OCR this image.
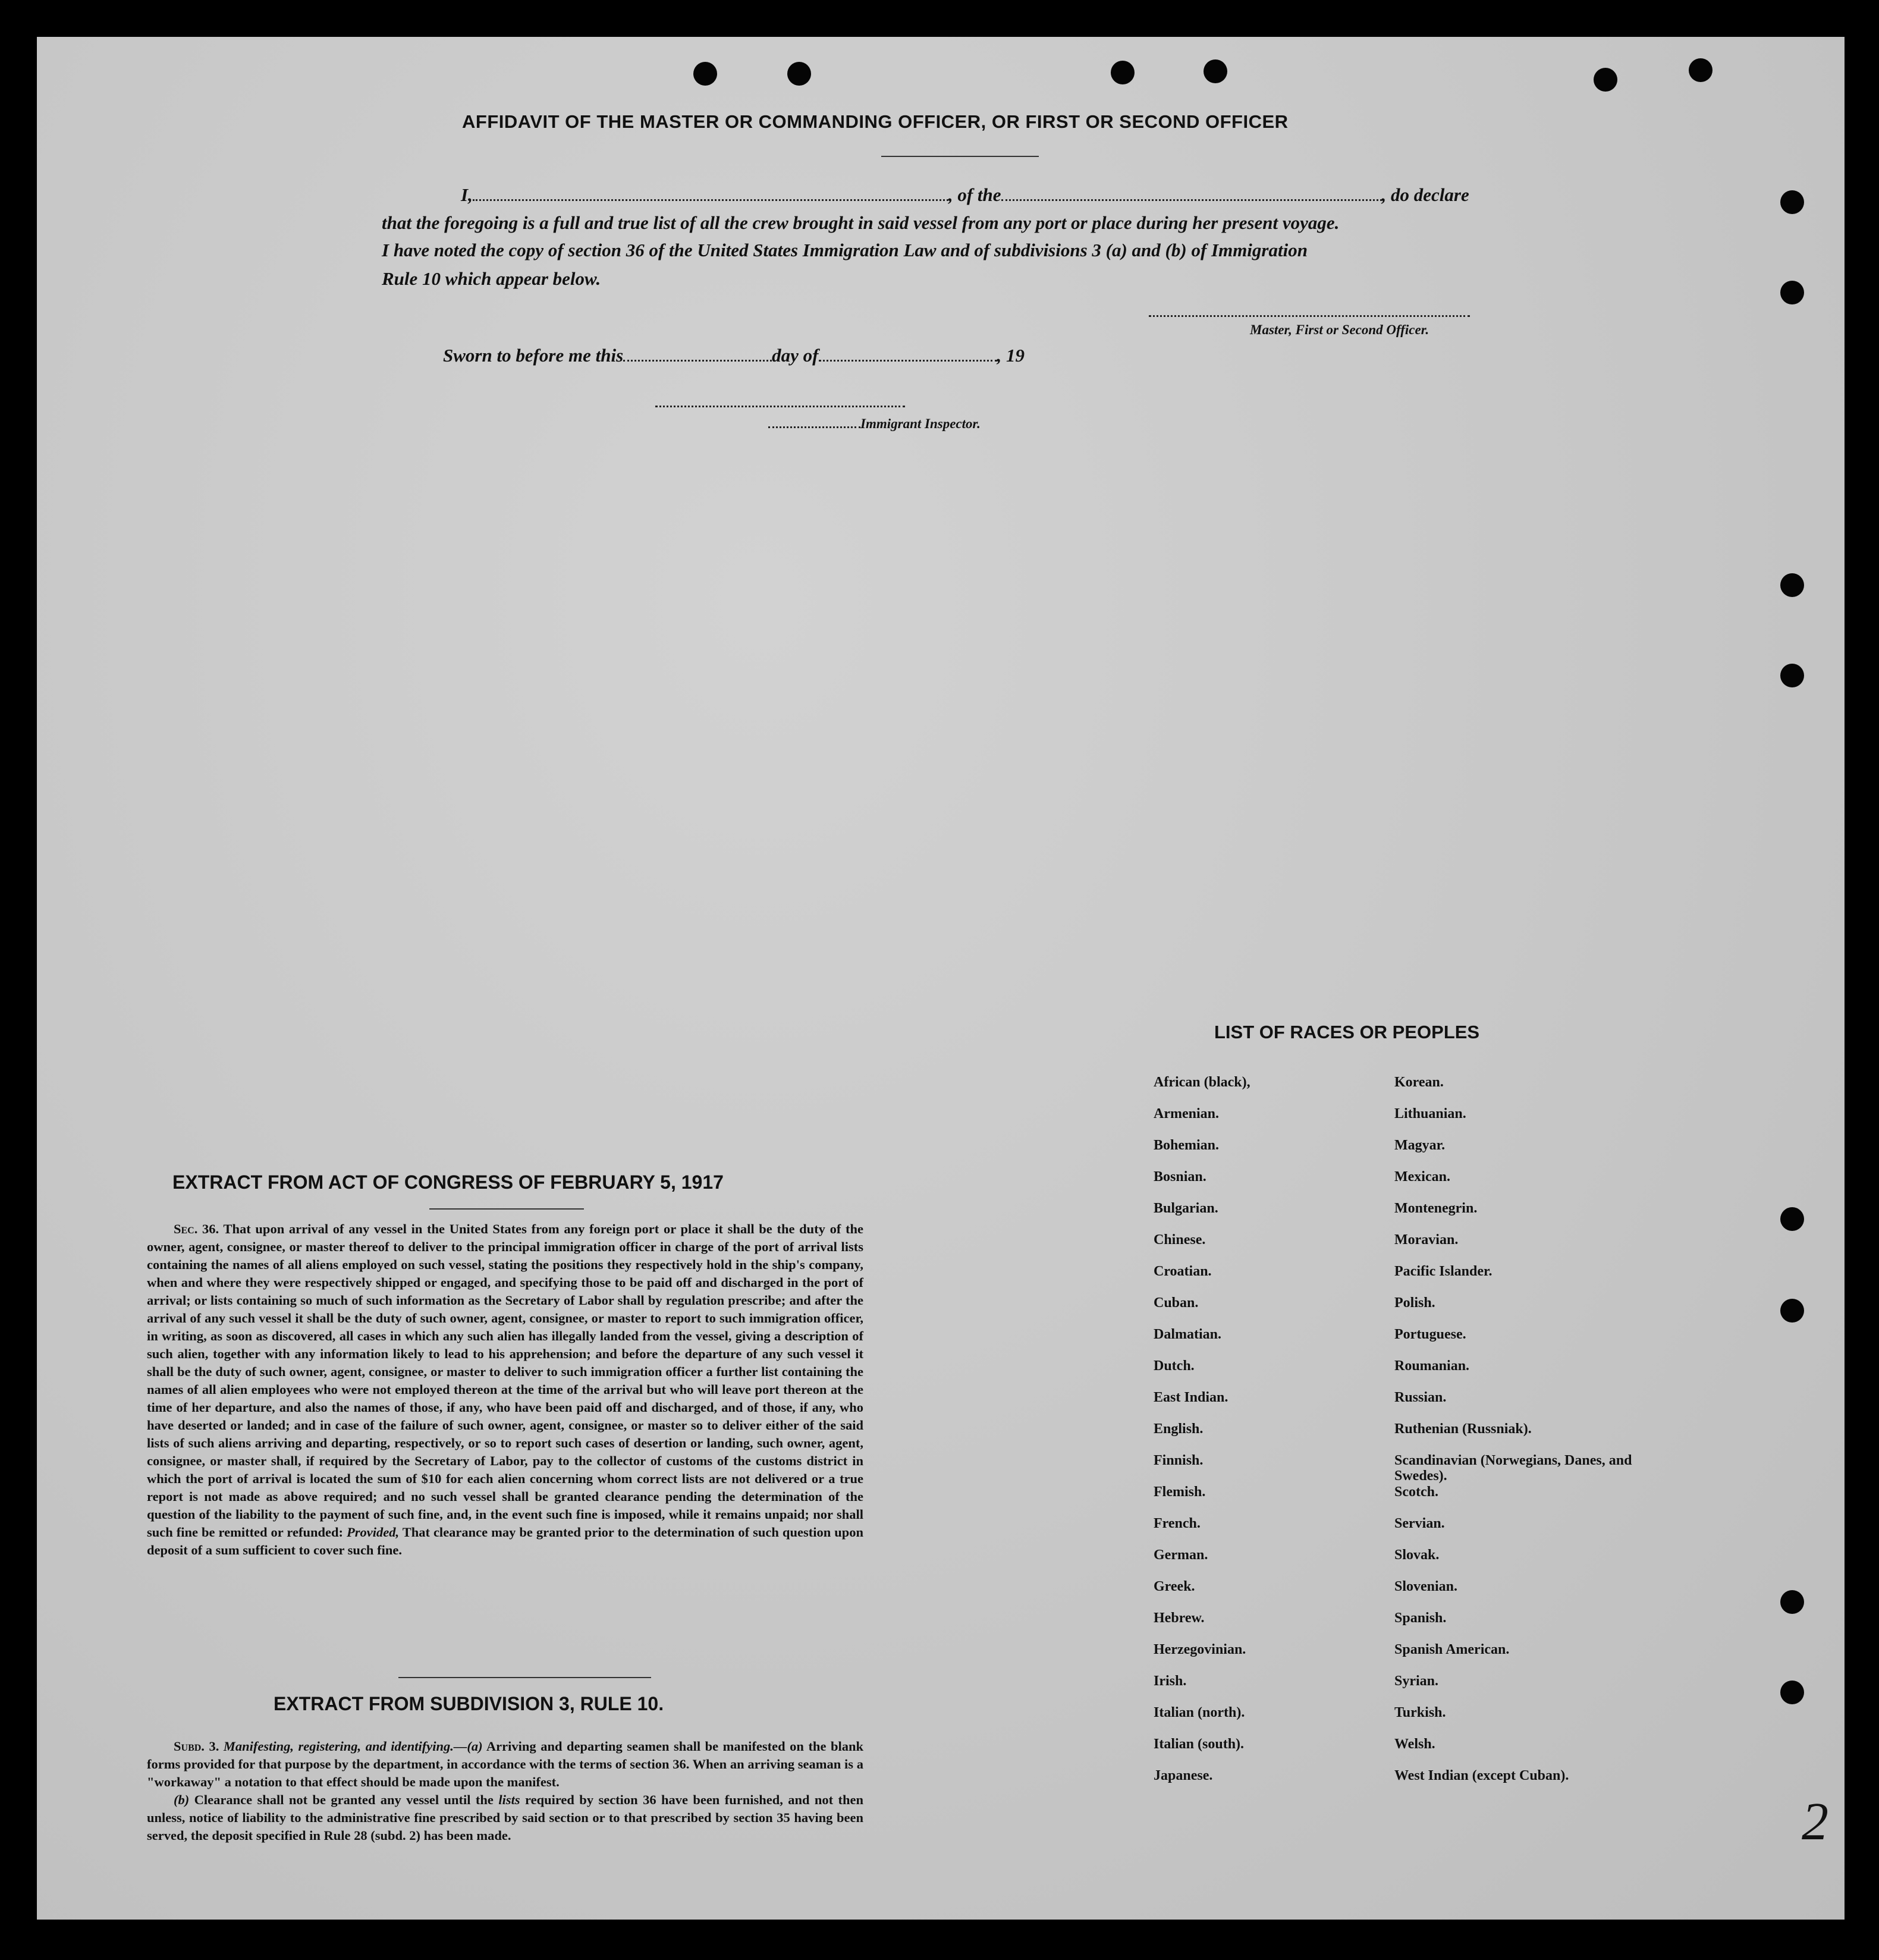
AFFIDAVIT OF THE MASTER OR COMMANDING OFFICER, OR FIRST OR SECOND OFFICER
I,	, of the	, do declare
that the foregoing is a full and true list of all the crew brought in said vessel from any port or place during her present voyage.
I have noted the copy of section 36 of the United States Immigration Law and of subdivisions 3 (a) and (b) of Immigration
Rule 10 which appear below.
Master, First or Second Officer.
Sworn to before me this	day of	, 19
Immigrant Inspector.
LIST OF RACES OR PEOPLES
African (black),	Korean.
Armenian.	Lithuanian.
Bohemian.	Magyar.
Bosnian.	Mexican.
Bulgarian.	Montenegrin.
Chinese.	Moravian.
Croatian.	Pacific Islander.
Cuban.	Polish.
Dalmatian.	Portuguese.
Dutch.	Roumanian.
East Indian.	Russian.
English.	Ruthenian (Russniak).
Finnish.	Scandinavian (Norwegians, Danes, and Swedes).
Flemish.	Scotch.
French.	Servian.
German.	Slovak.
Greek.	Slovenian.
Hebrew.	Spanish.
Herzegovinian.	Spanish American.
Irish.	Syrian.
Italian (north).	Turkish.
Italian (south).	Welsh.
Japanese.	West Indian (except Cuban).
EXTRACT FROM ACT OF CONGRESS OF FEBRUARY 5, 1917
Sec. 36. That upon arrival of any vessel in the United States from any foreign port or place it shall be the duty of the owner, agent, consignee, or master thereof to deliver to the principal immigration officer in charge of the port of arrival lists containing the names of all aliens employed on such vessel, stating the positions they respectively hold in the ship's company, when and where they were respectively shipped or engaged, and specifying those to be paid off and discharged in the port of arrival; or lists containing so much of such information as the Secretary of Labor shall by regulation prescribe; and after the arrival of any such vessel it shall be the duty of such owner, agent, consignee, or master to report to such immigration officer, in writing, as soon as discovered, all cases in which any such alien has illegally landed from the vessel, giving a description of such alien, together with any information likely to lead to his apprehension; and before the departure of any such vessel it shall be the duty of such owner, agent, consignee, or master to deliver to such immigration officer a further list containing the names of all alien employees who were not employed thereon at the time of the arrival but who will leave port thereon at the time of her departure, and also the names of those, if any, who have been paid off and discharged, and of those, if any, who have deserted or landed; and in case of the failure of such owner, agent, consignee, or master so to deliver either of the said lists of such aliens arriving and departing, respectively, or so to report such cases of desertion or landing, such owner, agent, consignee, or master shall, if required by the Secretary of Labor, pay to the collector of customs of the customs district in which the port of arrival is located the sum of $10 for each alien concerning whom correct lists are not delivered or a true report is not made as above required; and no such vessel shall be granted clearance pending the determination of the question of the liability to the payment of such fine, and, in the event such fine is imposed, while it remains unpaid; nor shall such fine be remitted or refunded: Provided, That clearance may be granted prior to the determination of such question upon deposit of a sum sufficient to cover such fine.
EXTRACT FROM SUBDIVISION 3, RULE 10.

Subd. 3. Manifesting, registering, and identifying.—(a) Arriving and departing seamen shall be manifested on the blank forms provided for that purpose by the department, in accordance with the terms of section 36. When an arriving seaman is a "workaway" a notation to that effect should be made upon the manifest.

(b) Clearance shall not be granted any vessel until the lists required by section 36 have been furnished, and not then unless, notice of liability to the administrative fine prescribed by said section or to that prescribed by section 35 having been served, the deposit specified in Rule 28 (subd. 2) has been made.	2
